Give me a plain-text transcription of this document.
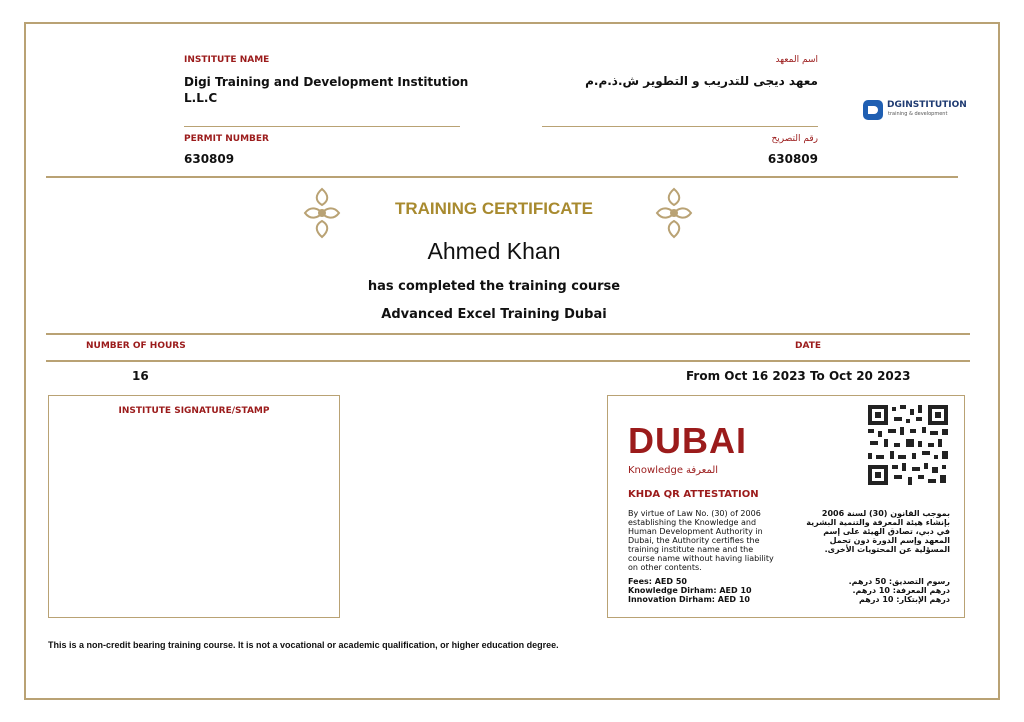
INSTITUTE NAME	اسم المعهد
Digi Training and Development Institution L.L.C
معهد ديجى للتدريب و التطوير ش.ذ.م.م
DGINSTITUTION
training & development
PERMIT NUMBER	رقم التصريح
630809	630809
TRAINING CERTIFICATE
Ahmed Khan
has completed the training course
Advanced Excel Training Dubai
NUMBER OF HOURS	DATE
16	From Oct 16 2023 To Oct 20 2023
INSTITUTE SIGNATURE/STAMP
DUBAI
Knowledge المعرفة
KHDA QR ATTESTATION
By virtue of Law No. (30) of 2006 establishing the Knowledge and Human Development Authority in Dubai, the Authority certifies the training institute name and the course name without having liability on other contents.
بموجب القانون (30) لسنة 2006 بإنشاء هيئة المعرفة والتنمية البشرية في دبي، تصادق الهيئة على إسم المعهد وإسم الدورة دون تحمل المسؤلية عن المحتويات الأخرى.
Fees: AED 50
Knowledge Dirham: AED 10
Innovation Dirham: AED 10
رسوم التصديق: 50 درهم.
درهم المعرفة: 10 درهم.
درهم الإبتكار: 10 درهم
This is a non-credit bearing training course. It is not a vocational or academic qualification, or higher education degree.
